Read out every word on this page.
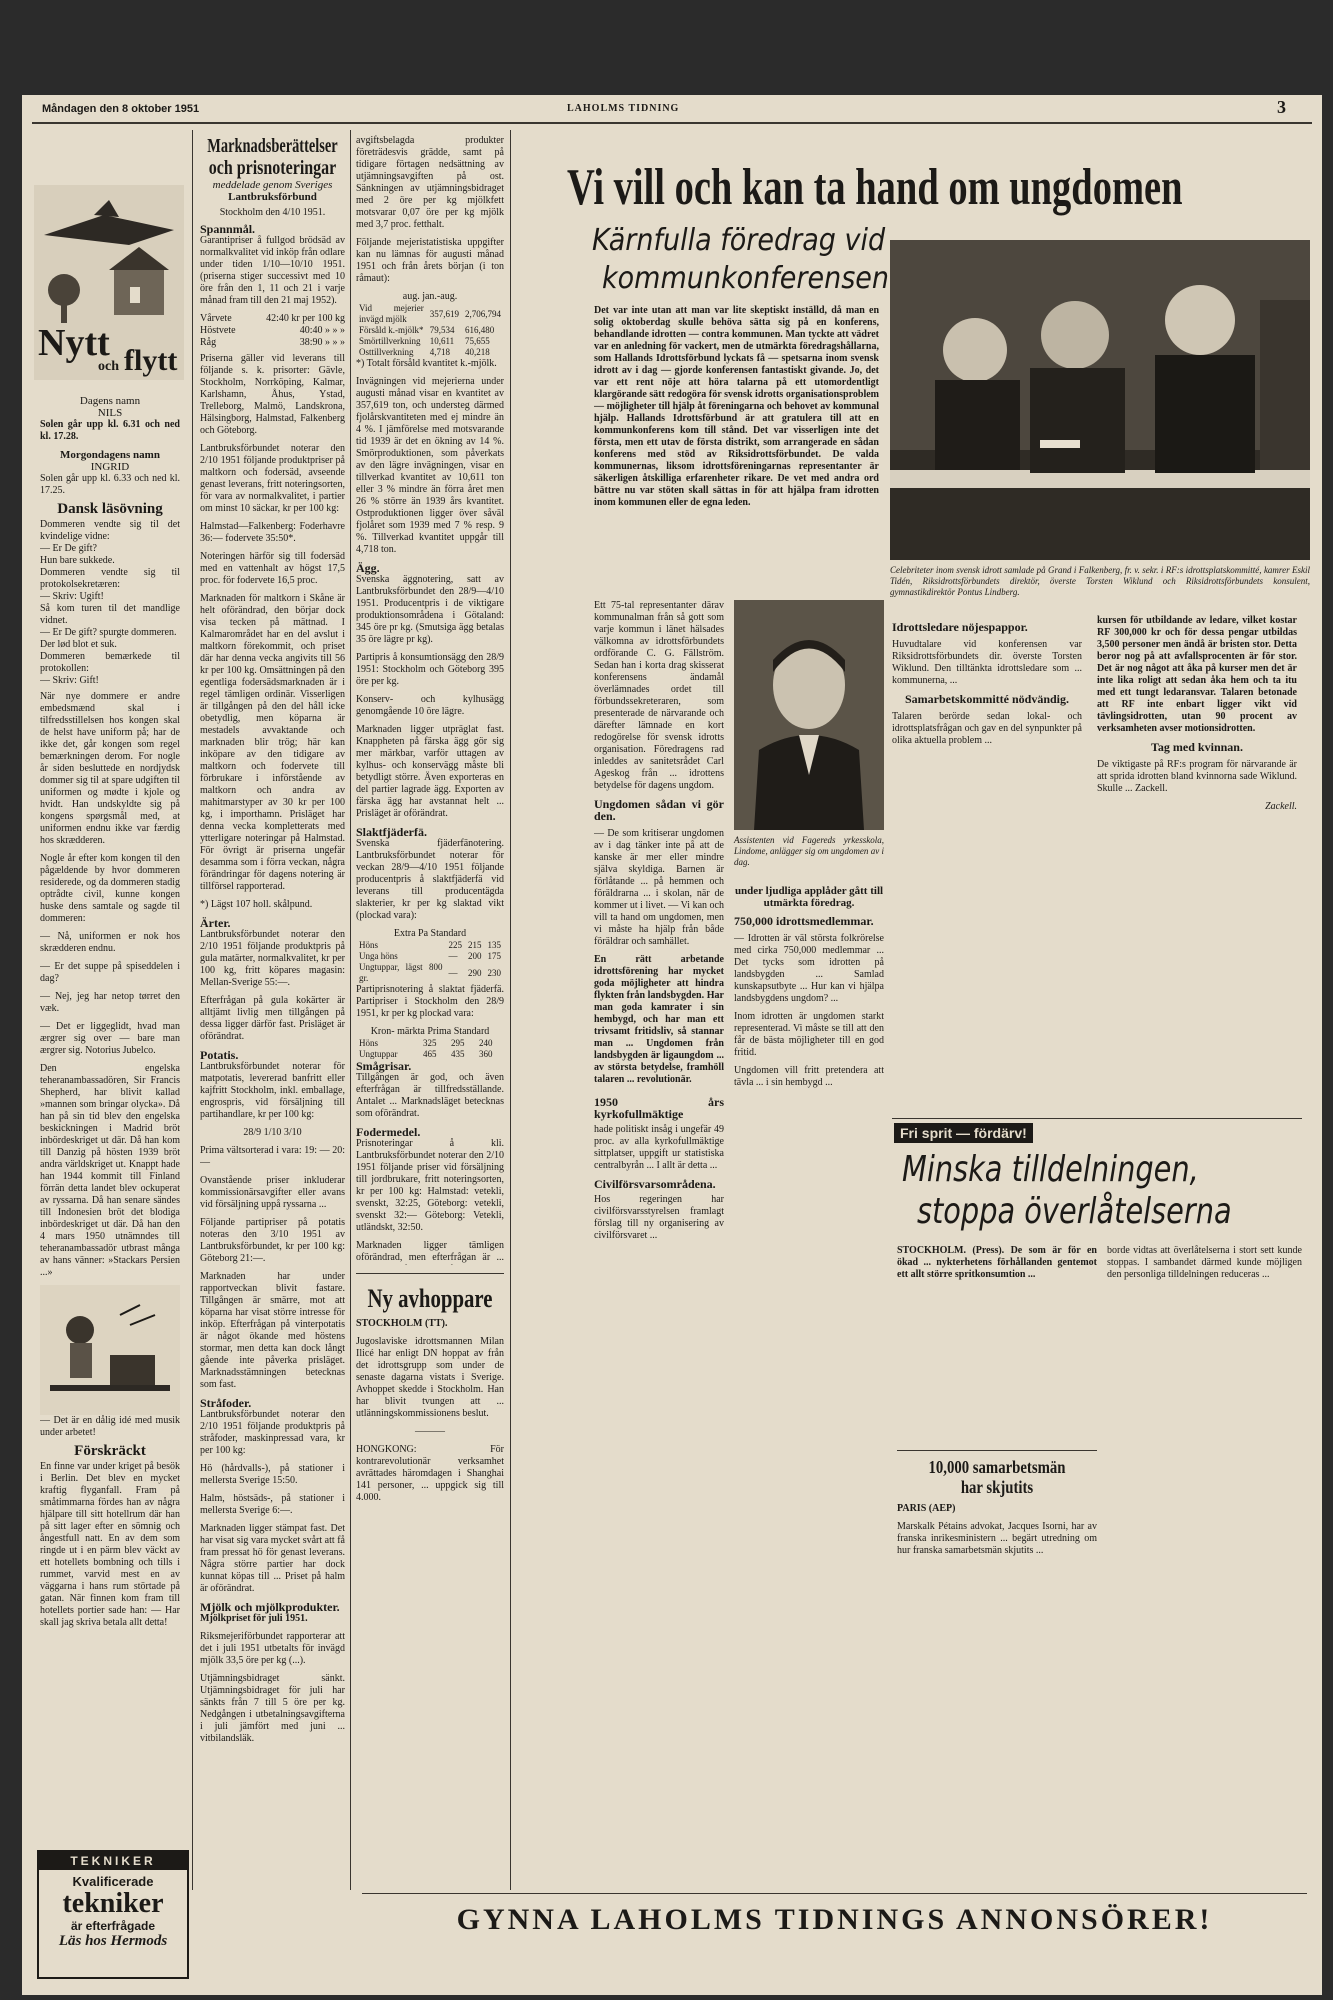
Måndagen den 8 oktober 1951	LAHOLMS TIDNING	3
Nytt
och flytt
Dagens namn
NILS

Solen går upp kl. 6.31 och ned kl. 17.28.

Morgondagens namn
INGRID

Solen går upp kl. 6.33 och ned kl. 17.25.

Dansk läsövning
Dommeren vendte sig til det kvindelige vidne:
— Er De gift?
Hun bare sukkede.
Dommeren vendte sig til protokolsekretæren:
— Skriv: Ugift!
Så kom turen til det mandlige vidnet.
— Er De gift? spurgte dommeren.
Der lød blot et suk.
Dommeren bemærkede til protokollen:
— Skriv: Gift!

När nye dommere er andre embedsmænd skal i tilfredsstillelsen hos kongen skal de helst have uniform på; har de ikke det, går kongen som regel bemærkningen derom. For nogle år siden besluttede en nordjydsk dommer sig til at spare udgiften til uniformen og mødte i kjole og hvidt. Han undskyldte sig på kongens spørgsmål med, at uniformen endnu ikke var færdig hos skrædderen.

Nogle år efter kom kongen til den pågældende by hvor dommeren residerede, og da dommeren stadig optrådte civil, kunne kongen huske dens samtale og sagde til dommeren:

— Nå, uniformen er nok hos skrædderen endnu.

— Er det suppe på spiseddelen i dag?

— Nej, jeg har netop tørret den væk.

— Det er liggeglidt, hvad man ærgrer sig over — bare man ærgrer sig. Notorius Jubelco.

Den engelska teheranambassadören, Sir Francis Shepherd, har blivit kallad »mannen som bringar olycka». Då han på sin tid blev den engelska beskickningen i Madrid bröt inbördeskriget ut där. Då han kom till Danzig på hösten 1939 bröt andra världskriget ut. Knappt hade han 1944 kommit till Finland förrän detta landet blev ockuperat av ryssarna. Då han senare sändes till Indonesien bröt det blodiga inbördeskriget ut där. Då han den 4 mars 1950 utnämndes till teheranambassadör utbrast många av hans vänner: »Stackars Persien ...»

— Det är en dålig idé med musik under arbetet!

Förskräckt

En finne var under kriget på besök i Berlin. Det blev en mycket kraftig flyganfall. Fram på småtimmarna fördes han av några hjälpare till sitt hotellrum där han på sitt lager efter en sömnig och ångestfull natt. En av dem som ringde ut i en pärm blev väckt av ett hotellets bombning och tills i rummet, varvid mest en av väggarna i hans rum störtade på gatan. När finnen kom fram till hotellets portier sade han: — Har skall jag skriva betala allt detta!

TEKNIKER
Kvalificerade
tekniker
är efterfrågade
Läs hos Hermods
Marknadsberättelser
och prisnoteringar
meddelade genom Sveriges
Lantbruksförbund
Stockholm den 4/10 1951.
Spannmål.

Garantipriser å fullgod brödsäd av normalkvalitet vid inköp från odlare under tiden 1/10—10/10 1951. (priserna stiger successivt med 10 öre från den 1, 11 och 21 i varje månad fram till den 21 maj 1952).

Vårvete	42:40 kr per 100 kg
Höstvete	40:40 » » »
Råg	38:90 » » »

Priserna gäller vid leverans till följande s. k. prisorter: Gävle, Stockholm, Norrköping, Kalmar, Karlshamn, Åhus, Ystad, Trelleborg, Malmö, Landskrona, Hälsingborg, Halmstad, Falkenberg och Göteborg.

Lantbruksförbundet noterar den 2/10 1951 följande produktpriser på maltkorn och fodersäd, avseende genast leverans, fritt noteringsorten, för vara av normalkvalitet, i partier om minst 10 säckar, kr per 100 kg:

Halmstad—Falkenberg: Foderhavre 36:— fodervete 35:50*.

Noteringen härför sig till fodersäd med en vattenhalt av högst 17,5 proc. för fodervete 16,5 proc.

Marknaden för maltkorn i Skåne är helt oförändrad, den börjar dock visa tecken på mättnad. I Kalmarområdet har en del avslut i maltkorn förekommit, och priset där har denna vecka angivits till 56 kr per 100 kg. Omsättningen på den egentliga fodersädsmarknaden är i regel tämligen ordinär. Visserligen är tillgången på den del håll icke obetydlig, men köparna är mestadels avvaktande och marknaden blir trög; här kan inköpare av den tidigare av maltkorn och fodervete till förbrukare i införstående av maltkorn och andra av mahitmarstyper av 30 kr per 100 kg, i importhamn. Prisläget har denna vecka kompletterats med ytterligare noteringar på Halmstad. För övrigt är priserna ungefär desamma som i förra veckan, några förändringar för dagens notering är tillförsel rapporterad.

*) Lägst 107 holl. skålpund.

Ärter.

Lantbruksförbundet noterar den 2/10 1951 följande produktpris på gula matärter, normalkvalitet, kr per 100 kg, fritt köpares magasin: Mellan-Sverige 55:—.

Efterfrågan på gula kokärter är alltjämt livlig men tillgången på dessa ligger därför fast. Prisläget är oförändrat.

Potatis.

Lantbruksförbundet noterar för matpotatis, levererad banfritt eller kajfritt Stockholm, inkl. emballage, engrospris, vid försäljning till partihandlare, kr per 100 kg:

28/9 1/10 3/10

Prima vältsorterad i vara: 19: — 20: —

Ovanstående priser inkluderar kommissionärsavgifter eller avans vid försäljning uppå ryssarna ...

Följande partipriser på potatis noteras den 3/10 1951 av Lantbruksförbundet, kr per 100 kg: Göteborg 21:—.

Marknaden har under rapportveckan blivit fastare. Tillgången är smärre, mot att köparna har visat större intresse för inköp. Efterfrågan på vinterpotatis är något ökande med höstens stormar, men detta kan dock långt gående inte påverka prisläget. Marknadsstämningen betecknas som fast.

Stråfoder.

Lantbruksförbundet noterar den 2/10 1951 följande produktpris på stråfoder, maskinpressad vara, kr per 100 kg:

Hö (hårdvalls-), på stationer i mellersta Sverige 15:50.

Halm, höstsäds-, på stationer i mellersta Sverige 6:—.

Marknaden ligger stämpat fast. Det har visat sig vara mycket svårt att få fram pressat hö för genast leverans. Några större partier har dock kunnat köpas till ... Priset på halm är oförändrat.

Mjölk och mjölkprodukter.

Mjölkpriset för juli 1951.

Riksmejeriförbundet rapporterar att det i juli 1951 utbetalts för invägd mjölk 33,5 öre per kg (...).

Utjämningsbidraget sänkt. Utjämningsbidraget för juli har sänkts från 7 till 5 öre per kg. Nedgången i utbetalningsavgifterna i juli jämfört med juni ... vitbilandsläk.

avgiftsbelagda produkter företrädesvis grädde, samt på tidigare förtagen nedsättning av utjämningsavgiften på ost. Sänkningen av utjämningsbidraget med 2 öre per kg mjölkfett motsvarar 0,07 öre per kg mjölk med 3,7 proc. fetthalt.

Följande mejeristatistiska uppgifter kan nu lämnas för augusti månad 1951 och från årets början (i ton råmaut):

aug. jan.-aug.
Vid mejerier invägd mjölk	357,619	2,706,794
Försåld k.-mjölk*	79,534	616,480
Smörtillverkning	10,611	75,655
Osttillverkning	4,718	40,218

*) Totalt försåld kvantitet k.-mjölk.

Invägningen vid mejerierna under augusti månad visar en kvantitet av 357,619 ton, och understeg därmed fjolårskvantiteten med ej mindre än 4 %. I jämförelse med motsvarande tid 1939 är det en ökning av 14 %. Smörproduktionen, som påverkats av den lägre invägningen, visar en tillverkad kvantitet av 10,611 ton eller 3 % mindre än förra året men 26 % större än 1939 års kvantitet. Ostproduktionen ligger över såväl fjolåret som 1939 med 7 % resp. 9 %. Tillverkad kvantitet uppgår till 4,718 ton.

Ägg.

Svenska äggnotering, satt av Lantbruksförbundet den 28/9—4/10 1951. Producentpris i de viktigare produktionsområdena i Götaland: 345 öre pr kg. (Smutsiga ägg betalas 35 öre lägre pr kg).

Partipris å konsumtionsägg den 28/9 1951: Stockholm och Göteborg 395 öre per kg.

Konserv- och kylhusägg genomgående 10 öre lägre.

Marknaden ligger utpräglat fast. Knappheten på färska ägg gör sig mer märkbar, varför uttagen av kylhus- och konservägg måste bli betydligt större. Även exporteras en del partier lagrade ägg. Exporten av färska ägg har avstannat helt ... Prisläget är oförändrat.

Slaktfjäderfä.

Svenska fjäderfänotering. Lantbruksförbundet noterar för veckan 28/9—4/10 1951 följande producentpris å slaktfjäderfä vid leverans till producentägda slakterier, kr per kg slaktad vikt (plockad vara):

Extra Pa Standard
Höns	225	215	135
Unga höns	—	200	175
Ungtuppar, lägst 800 gr.	—	290	230

Partiprisnotering å slaktat fjäderfä. Partipriser i Stockholm den 28/9 1951, kr per kg plockad vara:

Kron- märkta Prima Standard
Höns	325	295	240
Ungtuppar	465	435	360
Smågrisar.

Tillgången är god, och även efterfrågan är tillfredsställande. Antalet ... Marknadsläget betecknas som oförändrat.

Fodermedel.

Prisnoteringar å kli. Lantbruksförbundet noterar den 2/10 1951 följande priser vid försäljning till jordbrukare, fritt noteringsorten, kr per 100 kg: Halmstad: vetekli, svenskt, 32:25, Göteborg: vetekli, svenskt 32:— Göteborg: Vetekli, utländskt, 32:50.

Marknaden ligger tämligen oförändrad, men efterfrågan är ...

Ny avhoppare

STOCKHOLM (TT).

Jugoslaviske idrottsmannen Milan Ilicé har enligt DN hoppat av från det idrottsgrupp som under de senaste dagarna vistats i Sverige. Avhoppet skedde i Stockholm. Han har blivit tvungen att ... utlänningskommissionens beslut.

———

HONGKONG: För kontrarevolutionär verksamhet avrättades häromdagen i Shanghai 141 personer, ... uppgick sig till 4.000.

Vi vill och kan ta hand om ungdomen
Kärnfulla föredrag vid
kommunkonferensen
Det var inte utan att man var lite skeptiskt inställd, då man en solig oktoberdag skulle behöva sätta sig på en konferens, behandlande idrotten — contra kommunen. Man tyckte att vädret var en anledning för vackert, men de utmärkta föredragshållarna, som Hallands Idrottsförbund lyckats få — spetsarna inom svensk idrott av i dag — gjorde konferensen fantastiskt givande. Jo, det var ett rent nöje att höra talarna på ett utomordentligt klargörande sätt redogöra för svensk idrotts organisationsproblem — möjligheter till hjälp åt föreningarna och behovet av kommunal hjälp. Hallands Idrottsförbund är att gratulera till att en kommunkonferens kom till stånd. Det var visserligen inte det första, men ett utav de första distrikt, som arrangerade en sådan konferens med stöd av Riksidrottsförbundet. De valda kommunernas, liksom idrottsföreningarnas representanter är säkerligen åtskilliga erfarenheter rikare. De vet med andra ord bättre nu var stöten skall sättas in för att hjälpa fram idrotten inom kommunen eller de egna leden.
Celebriteter inom svensk idrott samlade på Grand i Falkenberg, fr. v. sekr. i RF:s idrottsplatskommitté, kamrer Eskil Tidén, Riksidrottsförbundets direktör, överste Torsten Wiklund och Riksidrottsförbundets konsulent, gymnastikdirektör Pontus Lindberg.

Ett 75-tal representanter därav kommunalman från så gott som varje kommun i länet hälsades välkomna av idrottsförbundets ordförande C. G. Fällström. Sedan han i korta drag skisserat konferensens ändamål överlämnades ordet till förbundssekreteraren, som presenterade de närvarande och därefter lämnade en kort redogörelse för svensk idrotts organisation. Föredragens rad inleddes av sanitetsrådet Carl Ageskog från ... idrottens betydelse för dagens ungdom.

Ungdomen sådan vi gör den.

— De som kritiserar ungdomen av i dag tänker inte på att de kanske är mer eller mindre själva skyldiga. Barnen är förlåtande ... på hemmen och föräldrarna ... i skolan, när de kommer ut i livet. — Vi kan och vill ta hand om ungdomen, men vi måste ha hjälp från både föräldrar och samhället.

En rätt arbetande idrottsförening har mycket goda möjligheter att hindra flykten från landsbygden. Har man goda kamrater i sin hembygd, och har man ett trivsamt fritidsliv, så stannar man ... Ungdomen från landsbygden är ligaungdom ... av största betydelse, framhöll talaren ... revolutionär.

1950 års kyrkofullmäktige

hade politiskt insåg i ungefär 49 proc. av alla kyrkofullmäktige sittplatser, uppgift ur statistiska centralbyrån ... I allt är detta ...

Civilförsvarsområdena.

Hos regeringen har civilförsvarsstyrelsen framlagt förslag till ny organisering av civilförsvaret ...

Assistenten vid Fagereds yrkesskola, Lindome, anlägger sig om ungdomen av i dag.

under ljudliga applåder gått till utmärkta föredrag.

750,000 idrottsmedlemmar.

— Idrotten är väl största folkrörelse med cirka 750,000 medlemmar ... Det tycks som idrotten på landsbygden ... Samlad kunskapsutbyte ... Hur kan vi hjälpa landsbygdens ungdom? ...

Inom idrotten är ungdomen starkt representerad. Vi måste se till att den får de bästa möjligheter till en god fritid.

Ungdomen vill fritt pretendera att tävla ... i sin hembygd ...

Idrottsledare nöjespappor.

Huvudtalare vid konferensen var Riksidrottsförbundets dir. överste Torsten Wiklund. Den tilltänkta idrottsledare som ... kommunerna, ...

Samarbetskommitté nödvändig.

Talaren berörde sedan lokal- och idrottsplatsfrågan och gav en del synpunkter på olika aktuella problem ...

kursen för utbildande av ledare, vilket kostar RF 300,000 kr och för dessa pengar utbildas 3,500 personer men ändå är bristen stor. Detta beror nog på att avfallsprocenten är för stor. Det är nog något att åka på kurser men det är inte lika roligt att sedan åka hem och ta itu med ett tungt ledaransvar. Talaren betonade att RF inte enbart ligger vikt vid tävlingsidrotten, utan 90 procent av verksamheten avser motionsidrotten.

Tag med kvinnan.

De viktigaste på RF:s program för närvarande är att sprida idrotten bland kvinnorna sade Wiklund. Skulle ... Zackell.

Zackell.
Fri sprit — fördärv!
Minska tilldelningen,
stoppa överlåtelserna
STOCKHOLM. (Press). De som är för en ökad ... nykterhetens förhållanden gentemot ett allt större spritkonsumtion ...
borde vidtas att överlåtelserna i stort sett kunde stoppas. I sambandet därmed kunde möjligen den personliga tilldelningen reduceras ...
10,000 samarbetsmän
har skjutits

PARIS (AEP)

Marskalk Pétains advokat, Jacques Isorni, har av franska inrikesministern ... begärt utredning om hur franska samarbetsmän skjutits ...

GYNNA LAHOLMS TIDNINGS ANNONSÖRER!
